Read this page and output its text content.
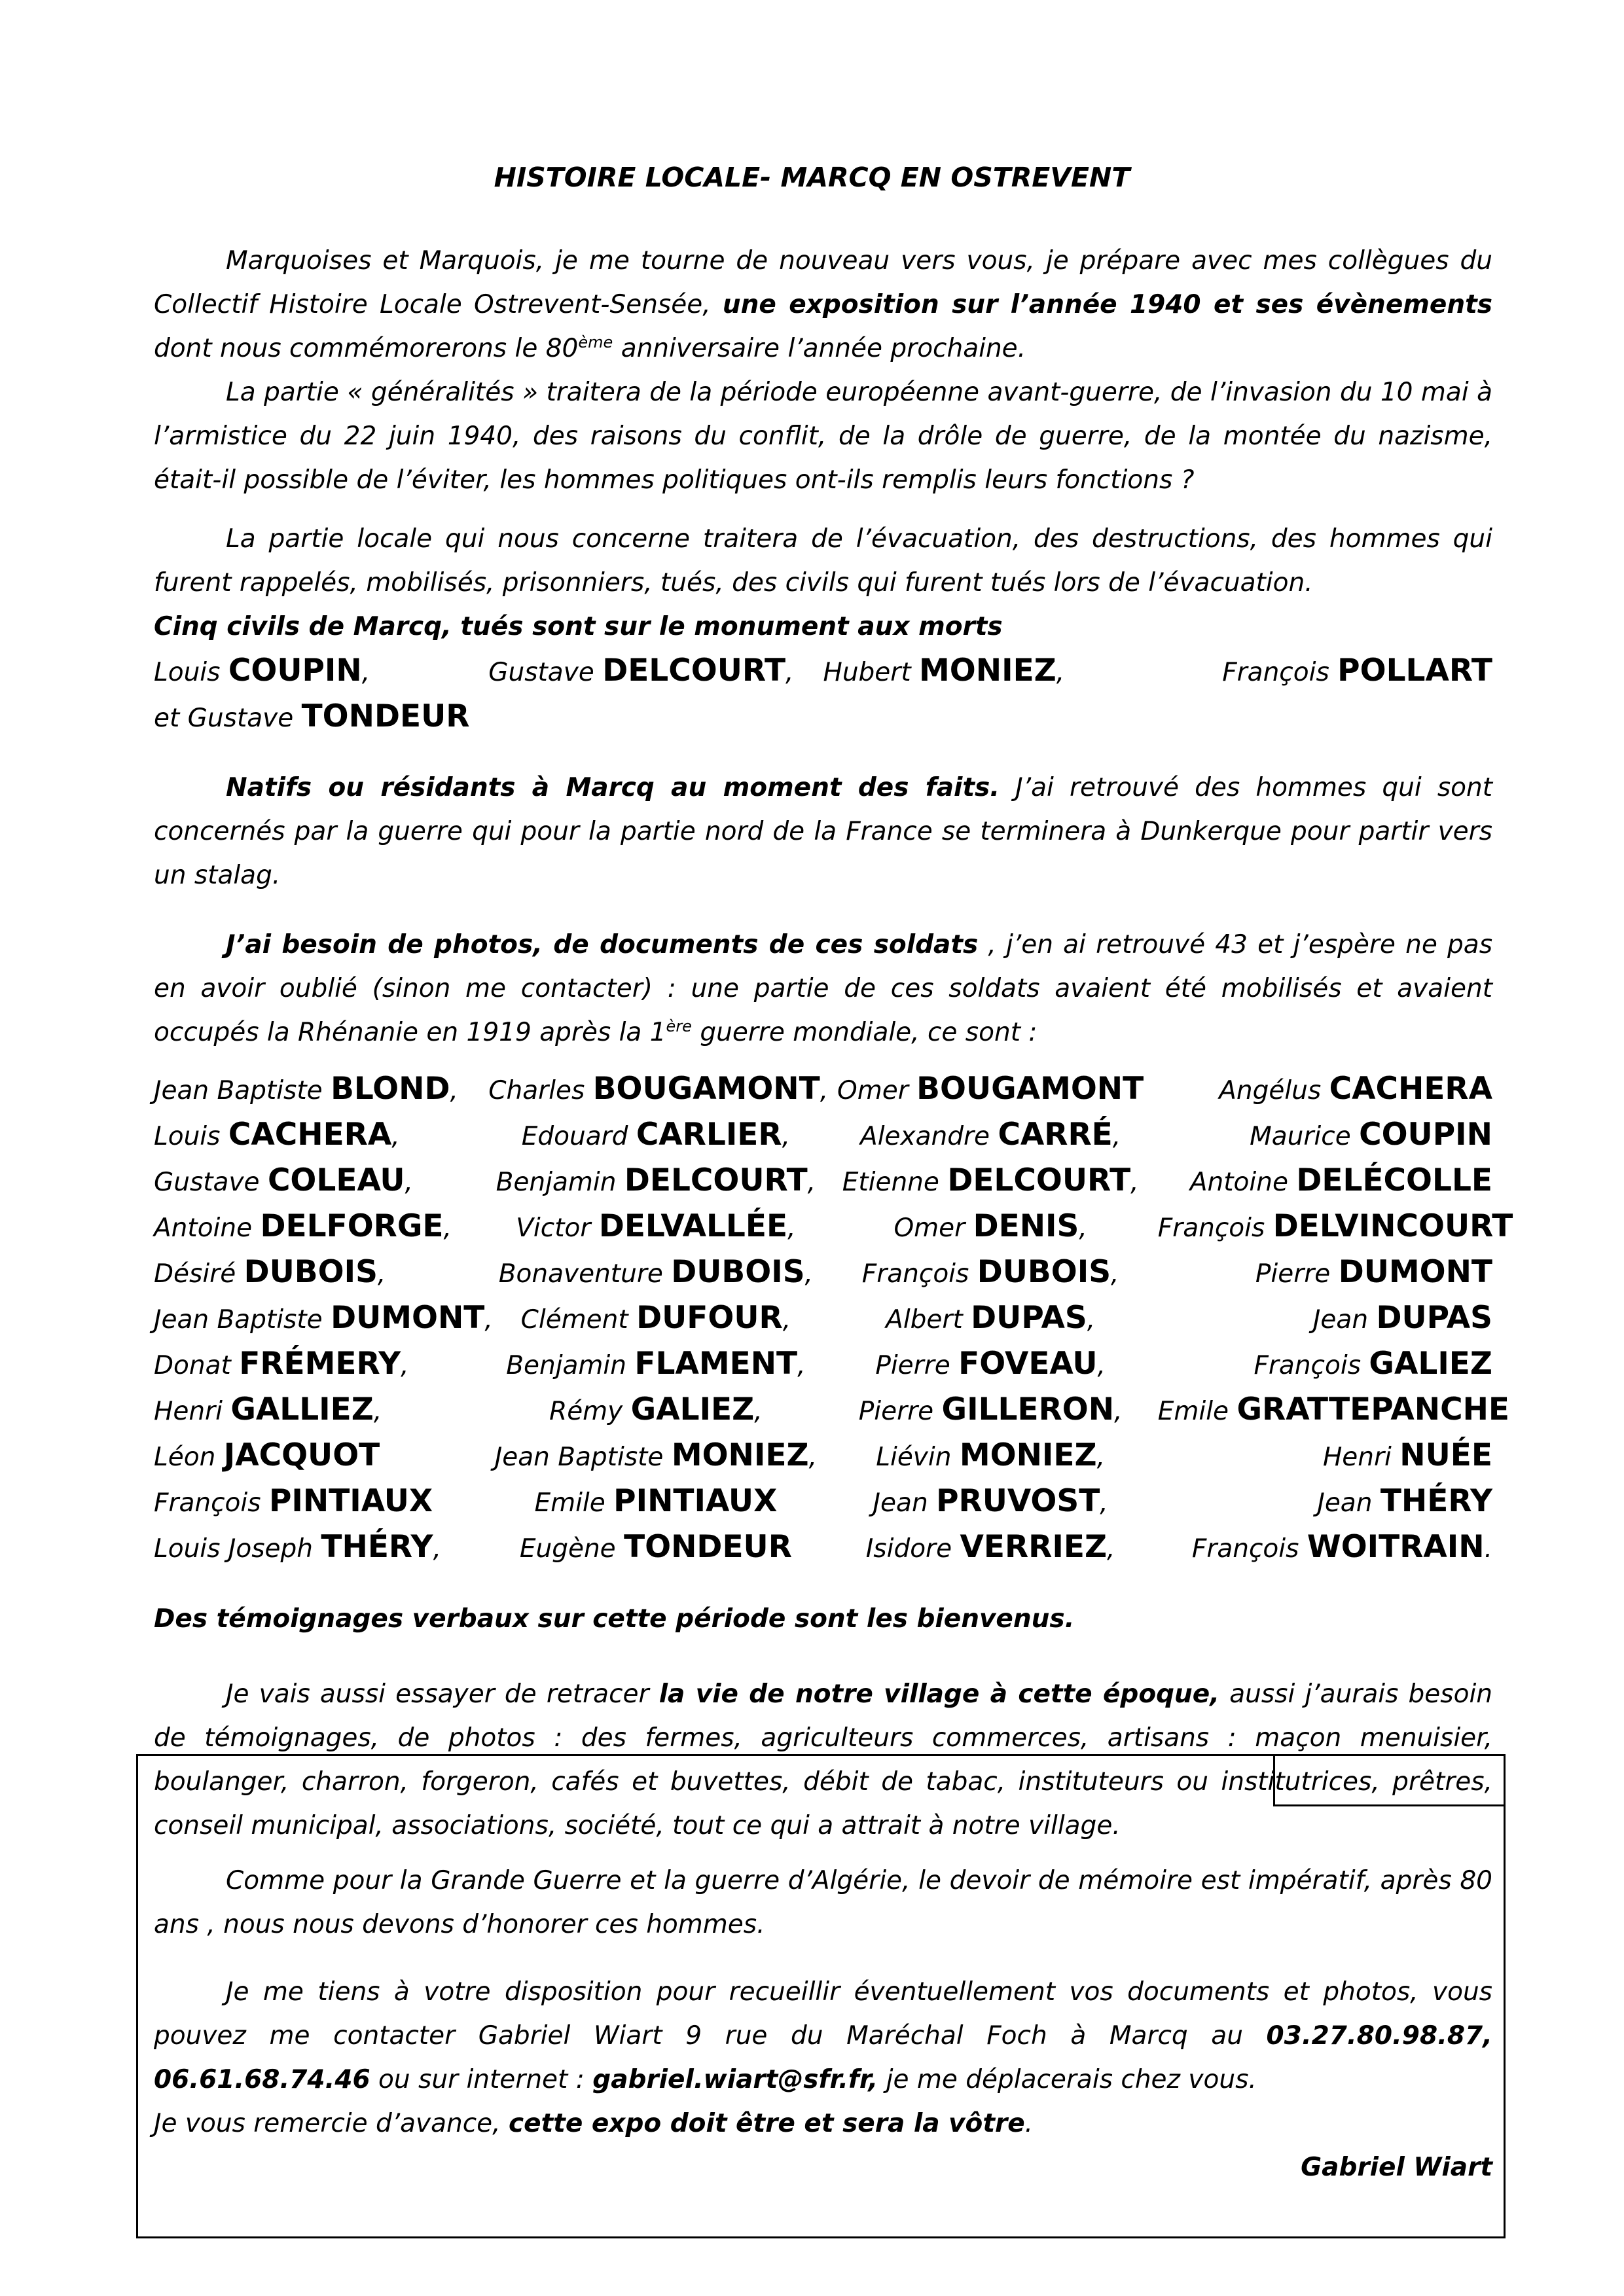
HISTOIRE LOCALE- MARCQ EN OSTREVENT

Marquoises et Marquois, je me tourne de nouveau vers vous, je prépare avec mes collègues du Collectif Histoire Locale Ostrevent-Sensée, une exposition sur l’année 1940 et ses évènements dont nous commémorerons le 80ème anniversaire l’année prochaine.

La partie « généralités » traitera de la période européenne avant-guerre, de l’invasion du 10 mai à l’armistice du 22 juin 1940, des raisons du conflit, de la drôle de guerre, de la montée du nazisme, était-il possible de l’éviter, les hommes politiques ont-ils remplis leurs fonctions ?

La partie locale qui nous concerne traitera de l’évacuation, des destructions, des hommes qui furent rappelés, mobilisés, prisonniers, tués, des civils qui furent tués lors de l’évacuation.

Cinq civils de Marcq, tués sont sur le monument aux morts

Louis COUPIN,	Gustave DELCOURT,	Hubert MONIEZ,	François POLLART
et Gustave TONDEUR

Natifs ou résidants à Marcq au moment des faits. J’ai retrouvé des hommes qui sont concernés par la guerre qui pour la partie nord de la France se terminera à Dunkerque pour partir vers un stalag.

J’ai besoin de photos, de documents de ces soldats , j’en ai retrouvé 43 et j’espère ne pas en avoir oublié (sinon me contacter) : une partie de ces soldats avaient été mobilisés et avaient occupés la Rhénanie en 1919 après la 1ère guerre mondiale, ce sont :

Jean Baptiste BLOND,	Charles BOUGAMONT,	Omer BOUGAMONT	Angélus CACHERA
Louis CACHERA,	Edouard CARLIER,	Alexandre CARRÉ,	Maurice COUPIN
Gustave COLEAU,	Benjamin DELCOURT,	Etienne DELCOURT,	Antoine DELÉCOLLE
Antoine DELFORGE,	Victor DELVALLÉE,	Omer DENIS,	François DELVINCOURT
Désiré DUBOIS,	Bonaventure DUBOIS,	François DUBOIS,	Pierre DUMONT
Jean Baptiste DUMONT,	Clément DUFOUR,	Albert DUPAS,	Jean DUPAS
Donat FRÉMERY,	Benjamin FLAMENT,	Pierre FOVEAU,	François GALIEZ
Henri GALLIEZ,	Rémy GALIEZ,	Pierre GILLERON,	Emile GRATTEPANCHE
Léon JACQUOT	Jean Baptiste MONIEZ,	Liévin MONIEZ,	Henri NUÉE
François PINTIAUX	Emile PINTIAUX	Jean PRUVOST,	Jean THÉRY
Louis Joseph THÉRY,	Eugène TONDEUR	Isidore VERRIEZ,	François WOITRAIN.

Des témoignages verbaux sur cette période sont les bienvenus.

Je vais aussi essayer de retracer la vie de notre village à cette époque, aussi j’aurais besoin de témoignages, de photos : des fermes, agriculteurs commerces, artisans : maçon menuisier, boulanger, charron, forgeron, cafés et buvettes, débit de tabac, instituteurs ou institutrices, prêtres, conseil municipal, associations, société, tout ce qui a attrait à notre village.

Comme pour la Grande Guerre et la guerre d’Algérie, le devoir de mémoire est impératif, après 80 ans , nous nous devons d’honorer ces hommes.

Je me tiens à votre disposition pour recueillir éventuellement vos documents et photos, vous pouvez me contacter Gabriel Wiart 9 rue du Maréchal Foch à Marcq au 03.27.80.98.87, 06.61.68.74.46 ou sur internet : gabriel.wiart@sfr.fr, je me déplacerais chez vous.

Je vous remercie d’avance, cette expo doit être et sera la vôtre.

Gabriel Wiart
